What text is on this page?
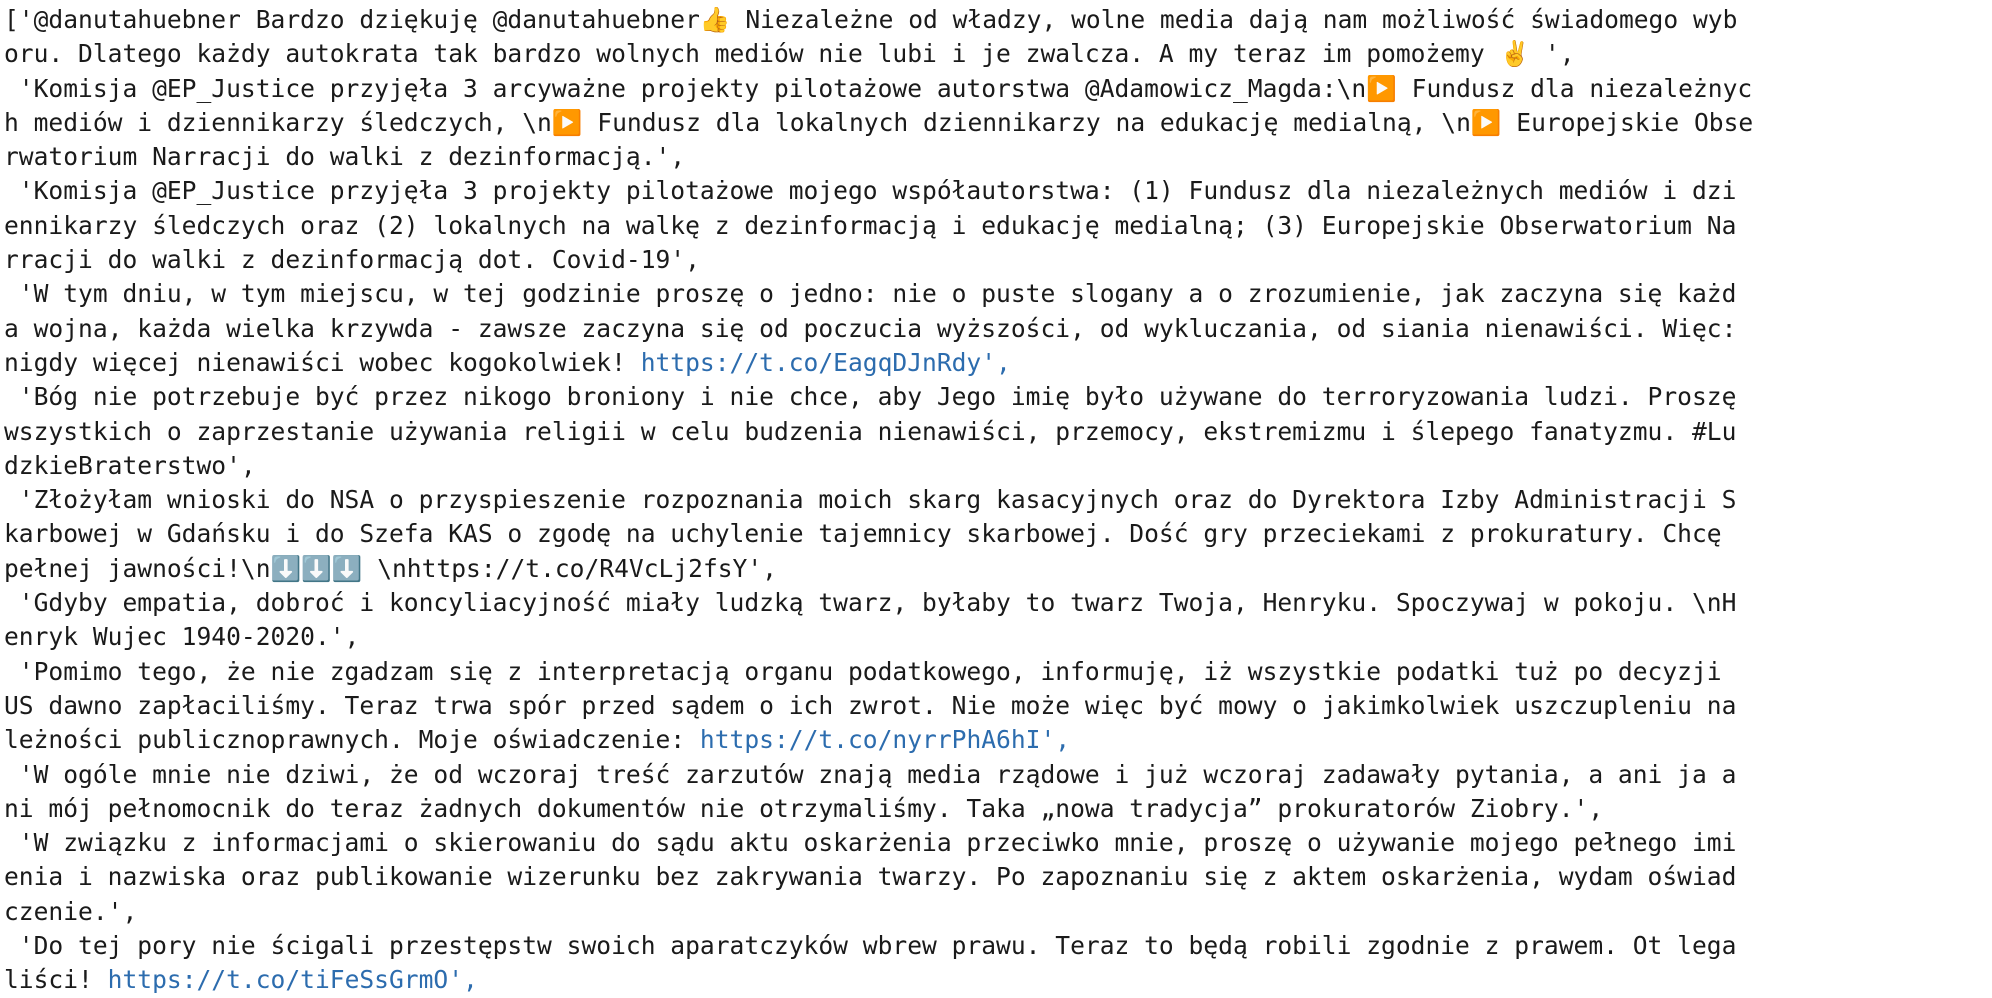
['@danutahuebner Bardzo dziękuję @danutahuebner👍 Niezależne od władzy, wolne media dają nam możliwość świadomego wyb
oru. Dlatego każdy autokrata tak bardzo wolnych mediów nie lubi i je zwalcza. A my teraz im pomożemy ✌️ ',
'Komisja @EP_Justice przyjęła 3 arcyważne projekty pilotażowe autorstwa @Adamowicz_Magda:\n▶️ Fundusz dla niezależnyc
h mediów i dziennikarzy śledczych, \n▶️ Fundusz dla lokalnych dziennikarzy na edukację medialną, \n▶️ Europejskie Obse
rwatorium Narracji do walki z dezinformacją.',
'Komisja @EP_Justice przyjęła 3 projekty pilotażowe mojego współautorstwa: (1) Fundusz dla niezależnych mediów i dzi
ennikarzy śledczych oraz (2) lokalnych na walkę z dezinformacją i edukację medialną; (3) Europejskie Obserwatorium Na
rracji do walki z dezinformacją dot. Covid-19',
'W tym dniu, w tym miejscu, w tej godzinie proszę o jedno: nie o puste slogany a o zrozumienie, jak zaczyna się każd
a wojna, każda wielka krzywda - zawsze zaczyna się od poczucia wyższości, od wykluczania, od siania nienawiści. Więc:
nigdy więcej nienawiści wobec kogokolwiek! https://t.co/EagqDJnRdy',
'Bóg nie potrzebuje być przez nikogo broniony i nie chce, aby Jego imię było używane do terroryzowania ludzi. Proszę
wszystkich o zaprzestanie używania religii w celu budzenia nienawiści, przemocy, ekstremizmu i ślepego fanatyzmu. #Lu
dzkieBraterstwo',
'Złożyłam wnioski do NSA o przyspieszenie rozpoznania moich skarg kasacyjnych oraz do Dyrektora Izby Administracji S
karbowej w Gdańsku i do Szefa KAS o zgodę na uchylenie tajemnicy skarbowej. Dość gry przeciekami z prokuratury. Chcę
pełnej jawności!\n⬇️⬇️⬇️ \nhttps://t.co/R4VcLj2fsY',
'Gdyby empatia, dobroć i koncyliacyjność miały ludzką twarz, byłaby to twarz Twoja, Henryku. Spoczywaj w pokoju. \nH
enryk Wujec 1940-2020.',
'Pomimo tego, że nie zgadzam się z interpretacją organu podatkowego, informuję, iż wszystkie podatki tuż po decyzji
US dawno zapłaciliśmy. Teraz trwa spór przed sądem o ich zwrot. Nie może więc być mowy o jakimkolwiek uszczupleniu na
leżności publicznoprawnych. Moje oświadczenie: https://t.co/nyrrPhA6hI',
'W ogóle mnie nie dziwi, że od wczoraj treść zarzutów znają media rządowe i już wczoraj zadawały pytania, a ani ja a
ni mój pełnomocnik do teraz żadnych dokumentów nie otrzymaliśmy. Taka „nowa tradycja” prokuratorów Ziobry.',
'W związku z informacjami o skierowaniu do sądu aktu oskarżenia przeciwko mnie, proszę o używanie mojego pełnego imi
enia i nazwiska oraz publikowanie wizerunku bez zakrywania twarzy. Po zapoznaniu się z aktem oskarżenia, wydam oświad
czenie.',
'Do tej pory nie ścigali przestępstw swoich aparatczyków wbrew prawu. Teraz to będą robili zgodnie z prawem. Ot lega
liści! https://t.co/tiFeSsGrmO',
